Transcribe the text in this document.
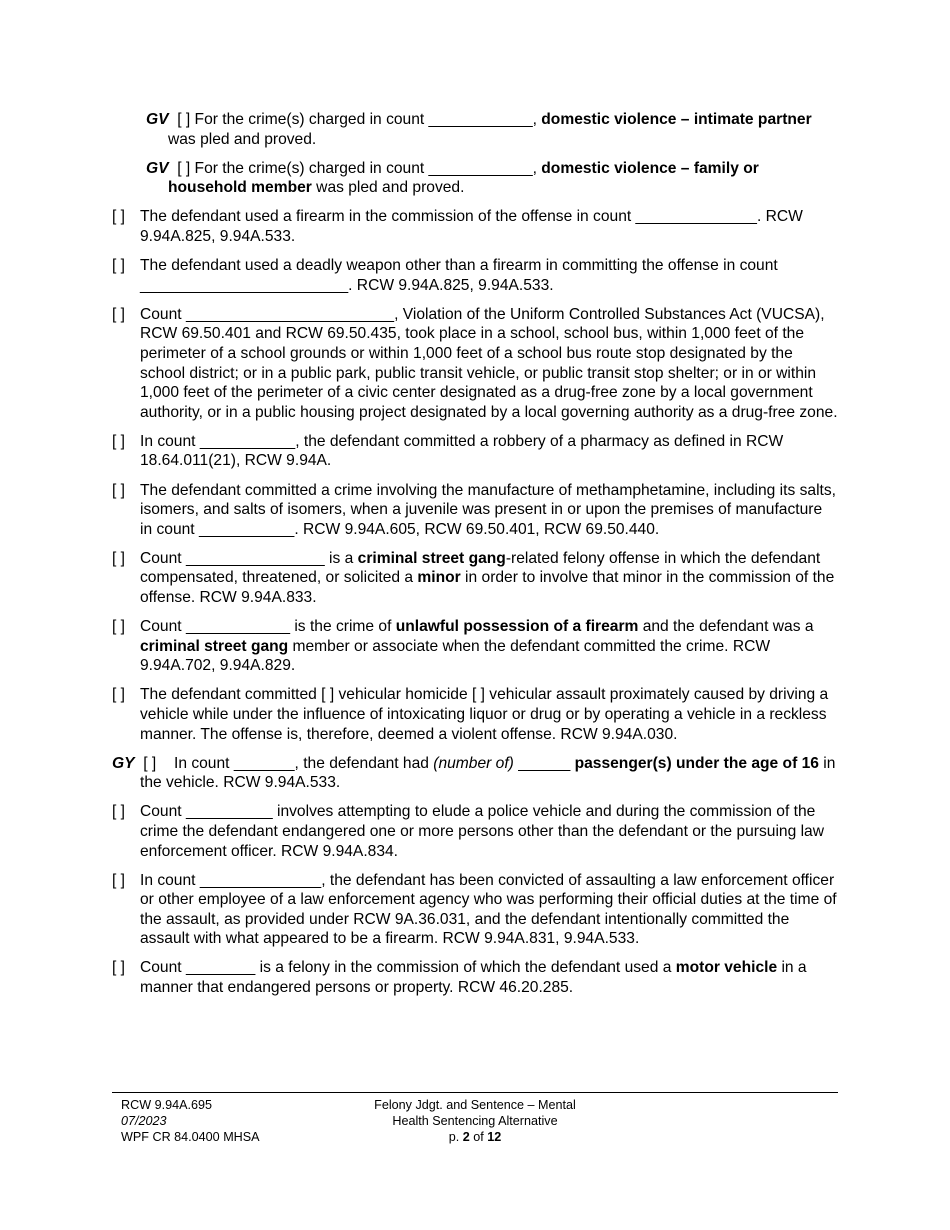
GV [ ] For the crime(s) charged in count ____________, domestic violence – intimate partner was pled and proved.
GV [ ] For the crime(s) charged in count ____________, domestic violence – family or household member was pled and proved.
[ ] The defendant used a firearm in the commission of the offense in count ______________. RCW 9.94A.825, 9.94A.533.
[ ] The defendant used a deadly weapon other than a firearm in committing the offense in count ________________________. RCW 9.94A.825, 9.94A.533.
[ ] Count ________________________, Violation of the Uniform Controlled Substances Act (VUCSA), RCW 69.50.401 and RCW 69.50.435, took place in a school, school bus, within 1,000 feet of the perimeter of a school grounds or within 1,000 feet of a school bus route stop designated by the school district; or in a public park, public transit vehicle, or public transit stop shelter; or in or within 1,000 feet of the perimeter of a civic center designated as a drug-free zone by a local government authority, or in a public housing project designated by a local governing authority as a drug-free zone.
[ ] In count ___________, the defendant committed a robbery of a pharmacy as defined in RCW 18.64.011(21), RCW 9.94A.
[ ] The defendant committed a crime involving the manufacture of methamphetamine, including its salts, isomers, and salts of isomers, when a juvenile was present in or upon the premises of manufacture in count ___________. RCW 9.94A.605, RCW 69.50.401, RCW 69.50.440.
[ ] Count ________________ is a criminal street gang-related felony offense in which the defendant compensated, threatened, or solicited a minor in order to involve that minor in the commission of the offense. RCW 9.94A.833.
[ ] Count ____________ is the crime of unlawful possession of a firearm and the defendant was a criminal street gang member or associate when the defendant committed the crime. RCW 9.94A.702, 9.94A.829.
[ ] The defendant committed [ ] vehicular homicide [ ] vehicular assault proximately caused by driving a vehicle while under the influence of intoxicating liquor or drug or by operating a vehicle in a reckless manner. The offense is, therefore, deemed a violent offense. RCW 9.94A.030.
GY [ ]	In count _______, the defendant had (number of) ______ passenger(s) under the age of 16 in the vehicle. RCW 9.94A.533.
[ ] Count __________ involves attempting to elude a police vehicle and during the commission of the crime the defendant endangered one or more persons other than the defendant or the pursuing law enforcement officer. RCW 9.94A.834.
[ ] In count ______________, the defendant has been convicted of assaulting a law enforcement officer or other employee of a law enforcement agency who was performing their official duties at the time of the assault, as provided under RCW 9A.36.031, and the defendant intentionally committed the assault with what appeared to be a firearm. RCW 9.94A.831, 9.94A.533.
[ ] Count ________ is a felony in the commission of which the defendant used a motor vehicle in a manner that endangered persons or property. RCW 46.20.285.
RCW 9.94A.695
07/2023
WPF CR 84.0400 MHSA
Felony Jdgt. and Sentence – Mental
Health Sentencing Alternative
p. 2 of 12
